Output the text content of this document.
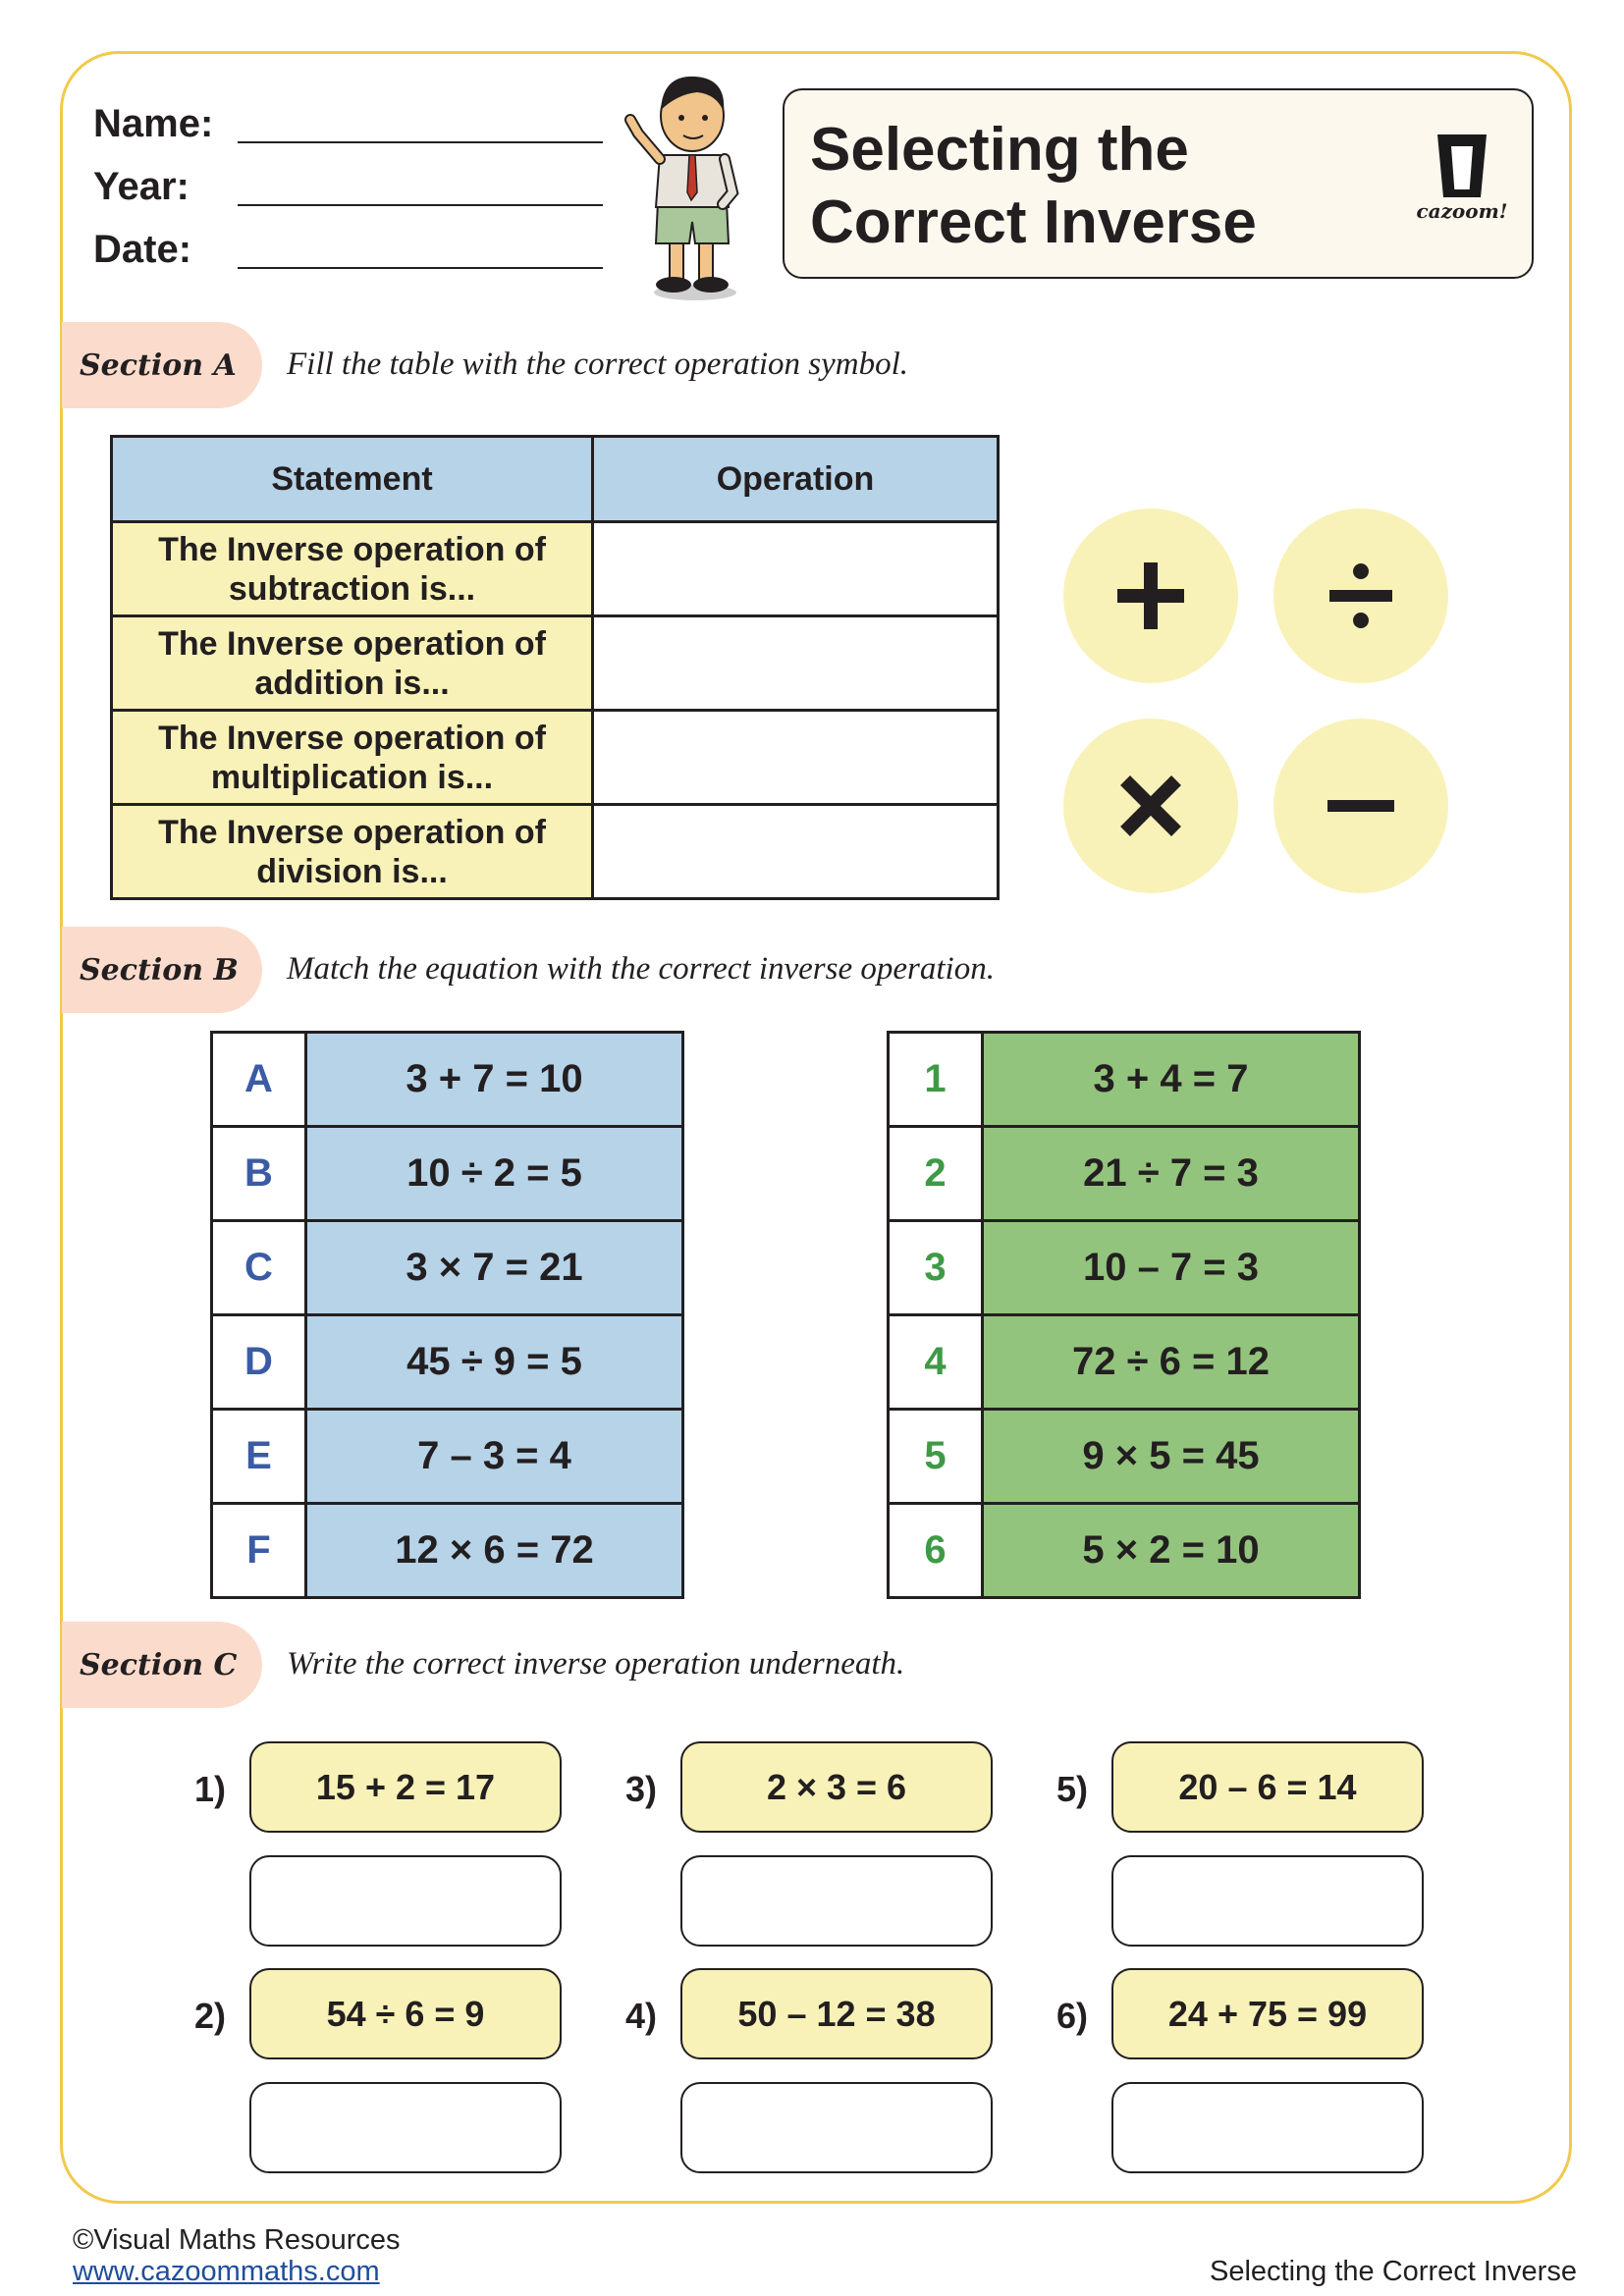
Name:
Year:
Date:
Selecting the
Correct Inverse	cazoom!
Section A	Fill the table with the correct operation symbol.
Statement	Operation
The Inverse operation of subtraction is...	
The Inverse operation of addition is...	
The Inverse operation of multiplication is...	
The Inverse operation of division is...	
Section B	Match the equation with the correct inverse operation.
A	3 + 7 = 10
B	10 ÷ 2 = 5
C	3 × 7 = 21
D	45 ÷ 9 = 5
E	7 – 3 = 4
F	12 × 6 = 72
1	3 + 4 = 7
2	21 ÷ 7 = 3
3	10 – 7 = 3
4	72 ÷ 6 = 12
5	9 × 5 = 45
6	5 × 2 = 10
Section C	Write the correct inverse operation underneath.
1)	15 + 2 = 17
2)	54 ÷ 6 = 9
3)	2 × 3 = 6
4)	50 – 12 = 38
5)	20 – 6 = 14
6)	24 + 75 = 99
©Visual Maths Resources
www.cazoommaths.com	Selecting the Correct Inverse
